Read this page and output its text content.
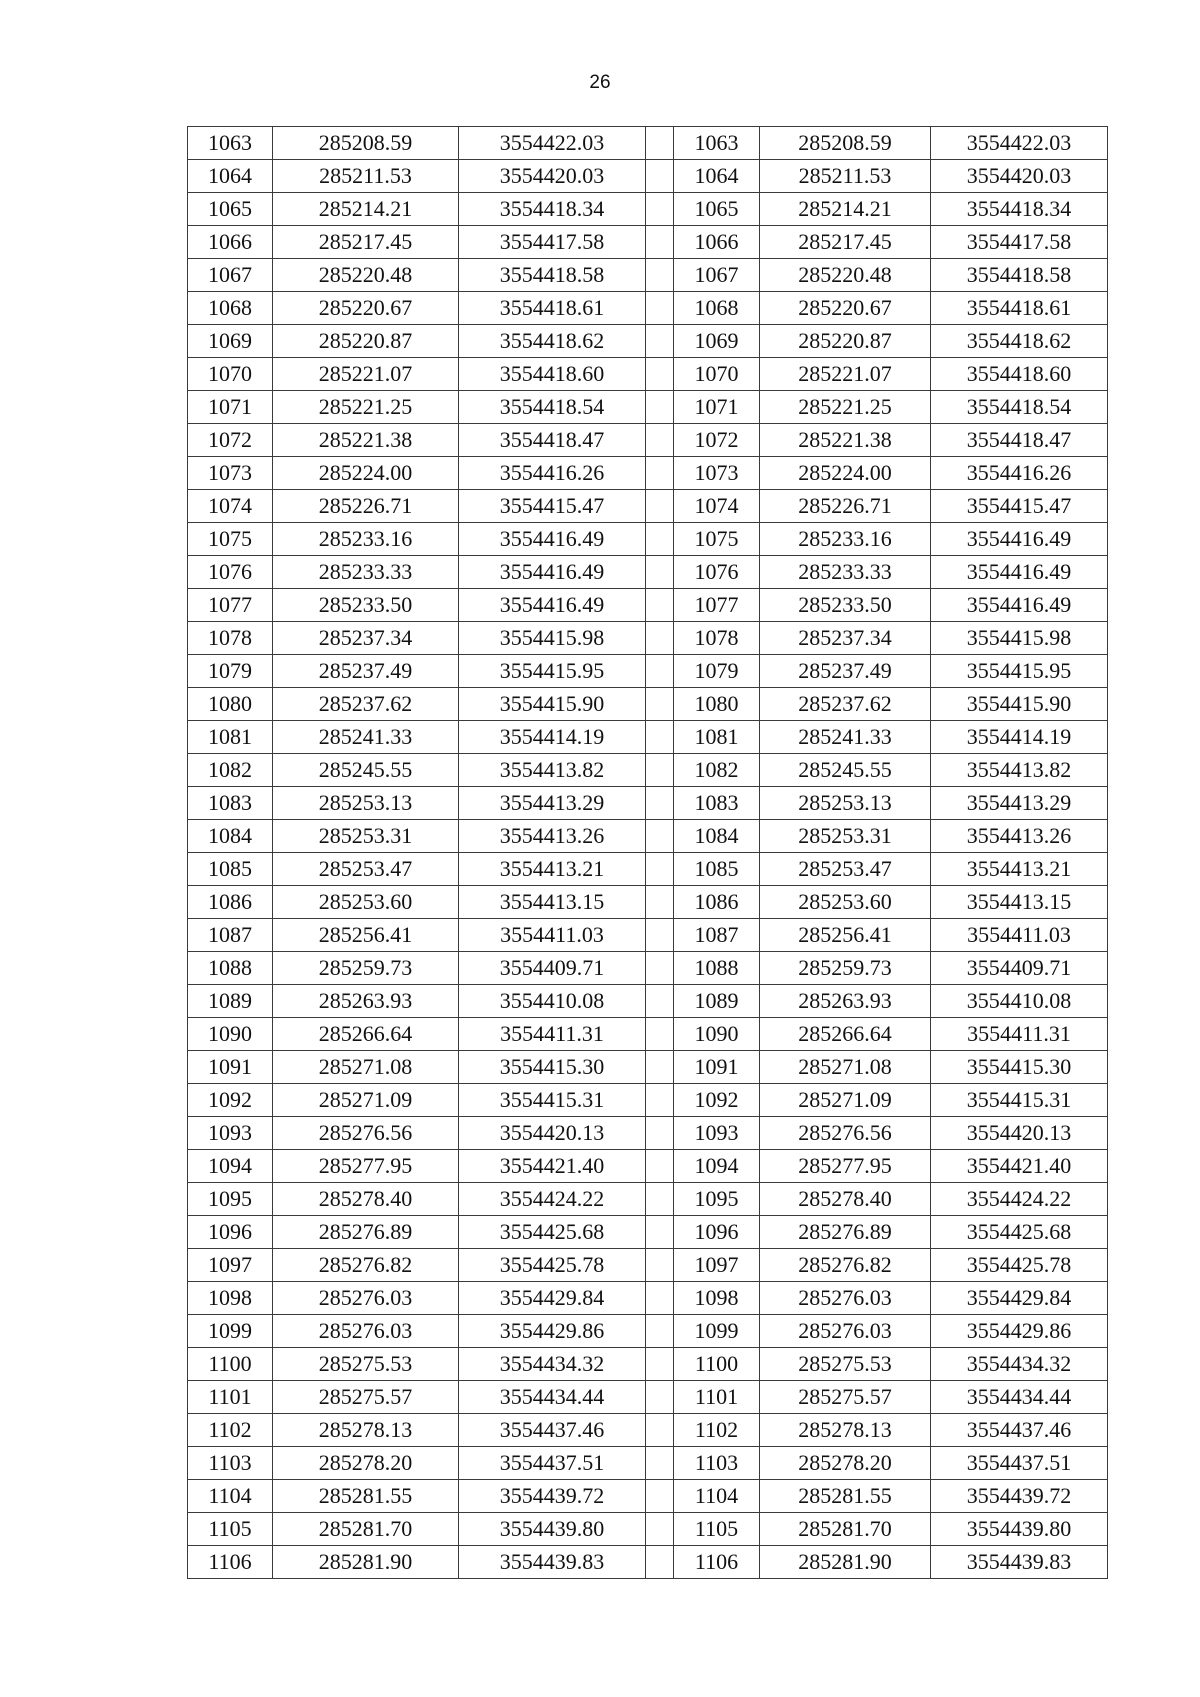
26
1063	285208.59	3554422.03		1063	285208.59	3554422.03
1064	285211.53	3554420.03		1064	285211.53	3554420.03
1065	285214.21	3554418.34		1065	285214.21	3554418.34
1066	285217.45	3554417.58		1066	285217.45	3554417.58
1067	285220.48	3554418.58		1067	285220.48	3554418.58
1068	285220.67	3554418.61		1068	285220.67	3554418.61
1069	285220.87	3554418.62		1069	285220.87	3554418.62
1070	285221.07	3554418.60		1070	285221.07	3554418.60
1071	285221.25	3554418.54		1071	285221.25	3554418.54
1072	285221.38	3554418.47		1072	285221.38	3554418.47
1073	285224.00	3554416.26		1073	285224.00	3554416.26
1074	285226.71	3554415.47		1074	285226.71	3554415.47
1075	285233.16	3554416.49		1075	285233.16	3554416.49
1076	285233.33	3554416.49		1076	285233.33	3554416.49
1077	285233.50	3554416.49		1077	285233.50	3554416.49
1078	285237.34	3554415.98		1078	285237.34	3554415.98
1079	285237.49	3554415.95		1079	285237.49	3554415.95
1080	285237.62	3554415.90		1080	285237.62	3554415.90
1081	285241.33	3554414.19		1081	285241.33	3554414.19
1082	285245.55	3554413.82		1082	285245.55	3554413.82
1083	285253.13	3554413.29		1083	285253.13	3554413.29
1084	285253.31	3554413.26		1084	285253.31	3554413.26
1085	285253.47	3554413.21		1085	285253.47	3554413.21
1086	285253.60	3554413.15		1086	285253.60	3554413.15
1087	285256.41	3554411.03		1087	285256.41	3554411.03
1088	285259.73	3554409.71		1088	285259.73	3554409.71
1089	285263.93	3554410.08		1089	285263.93	3554410.08
1090	285266.64	3554411.31		1090	285266.64	3554411.31
1091	285271.08	3554415.30		1091	285271.08	3554415.30
1092	285271.09	3554415.31		1092	285271.09	3554415.31
1093	285276.56	3554420.13		1093	285276.56	3554420.13
1094	285277.95	3554421.40		1094	285277.95	3554421.40
1095	285278.40	3554424.22		1095	285278.40	3554424.22
1096	285276.89	3554425.68		1096	285276.89	3554425.68
1097	285276.82	3554425.78		1097	285276.82	3554425.78
1098	285276.03	3554429.84		1098	285276.03	3554429.84
1099	285276.03	3554429.86		1099	285276.03	3554429.86
1100	285275.53	3554434.32		1100	285275.53	3554434.32
1101	285275.57	3554434.44		1101	285275.57	3554434.44
1102	285278.13	3554437.46		1102	285278.13	3554437.46
1103	285278.20	3554437.51		1103	285278.20	3554437.51
1104	285281.55	3554439.72		1104	285281.55	3554439.72
1105	285281.70	3554439.80		1105	285281.70	3554439.80
1106	285281.90	3554439.83		1106	285281.90	3554439.83
